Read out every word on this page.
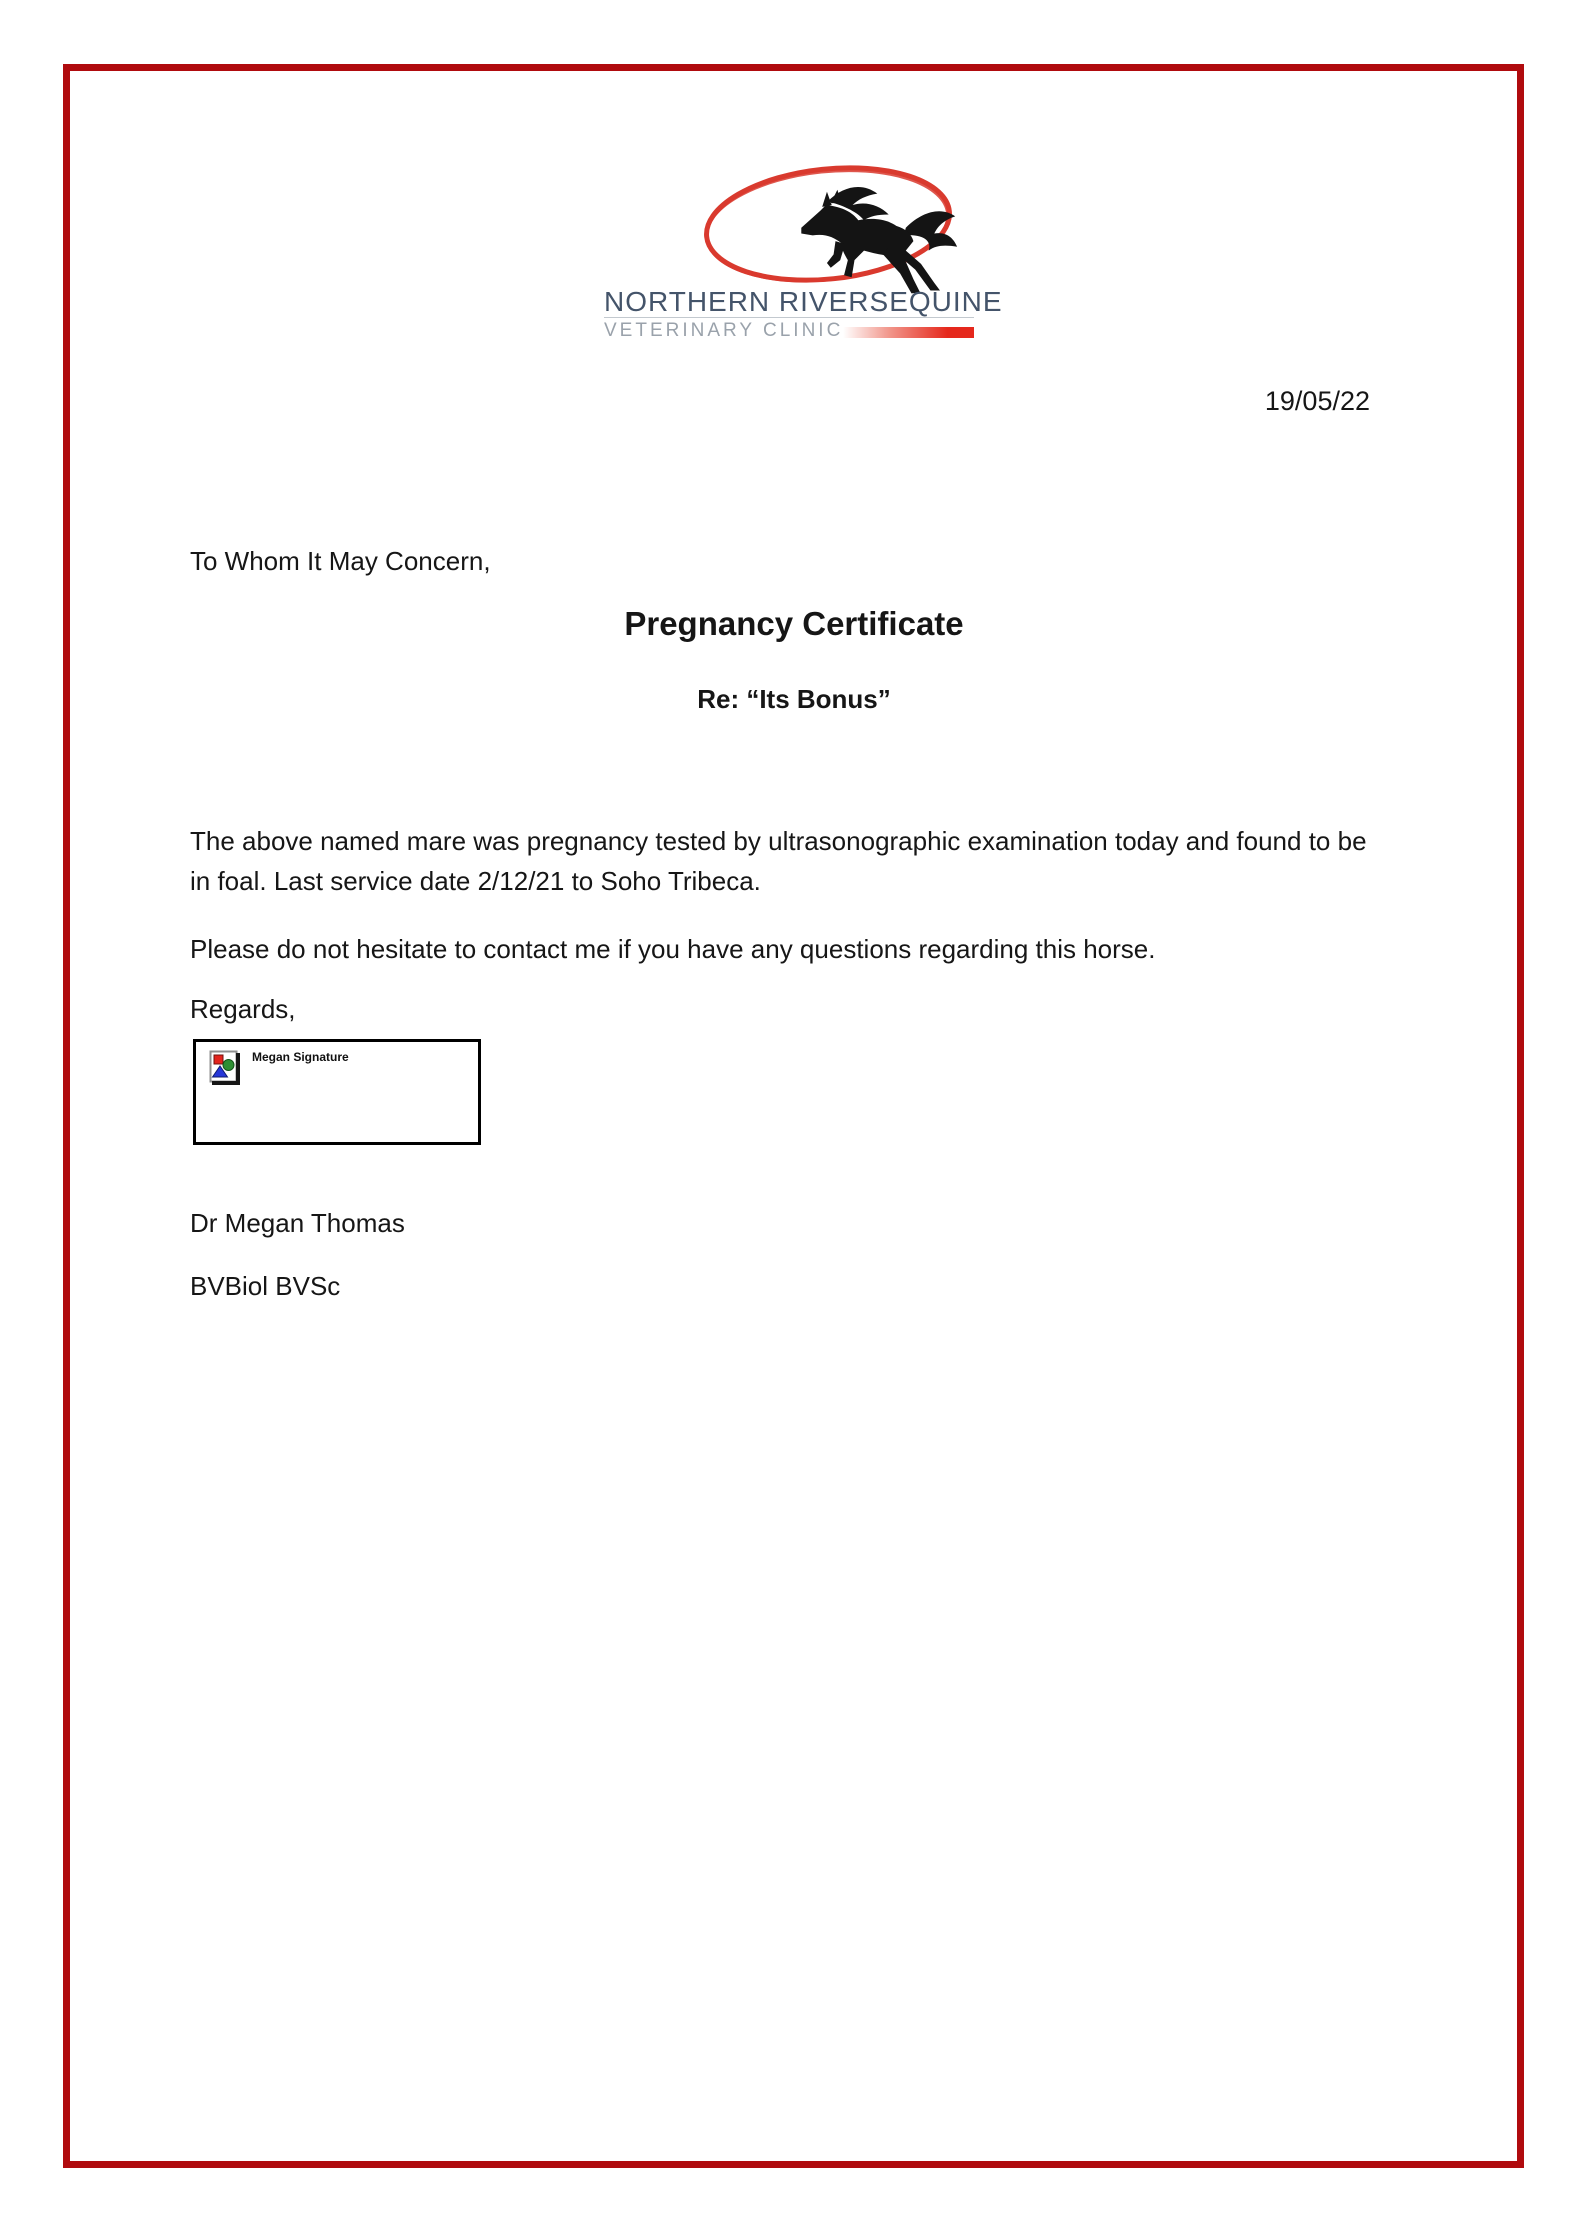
NORTHERN RIVERS EQUINE
VETERINARY CLINIC
19/05/22

To Whom It May Concern,

Pregnancy Certificate
Re: “Its Bonus”

The above named mare was pregnancy tested by ultrasonographic examination today and found to be in foal. Last service date 2/12/21 to Soho Tribeca.

Please do not hesitate to contact me if you have any questions regarding this horse.

Regards,

Megan Signature

Dr Megan Thomas

BVBiol BVSc
